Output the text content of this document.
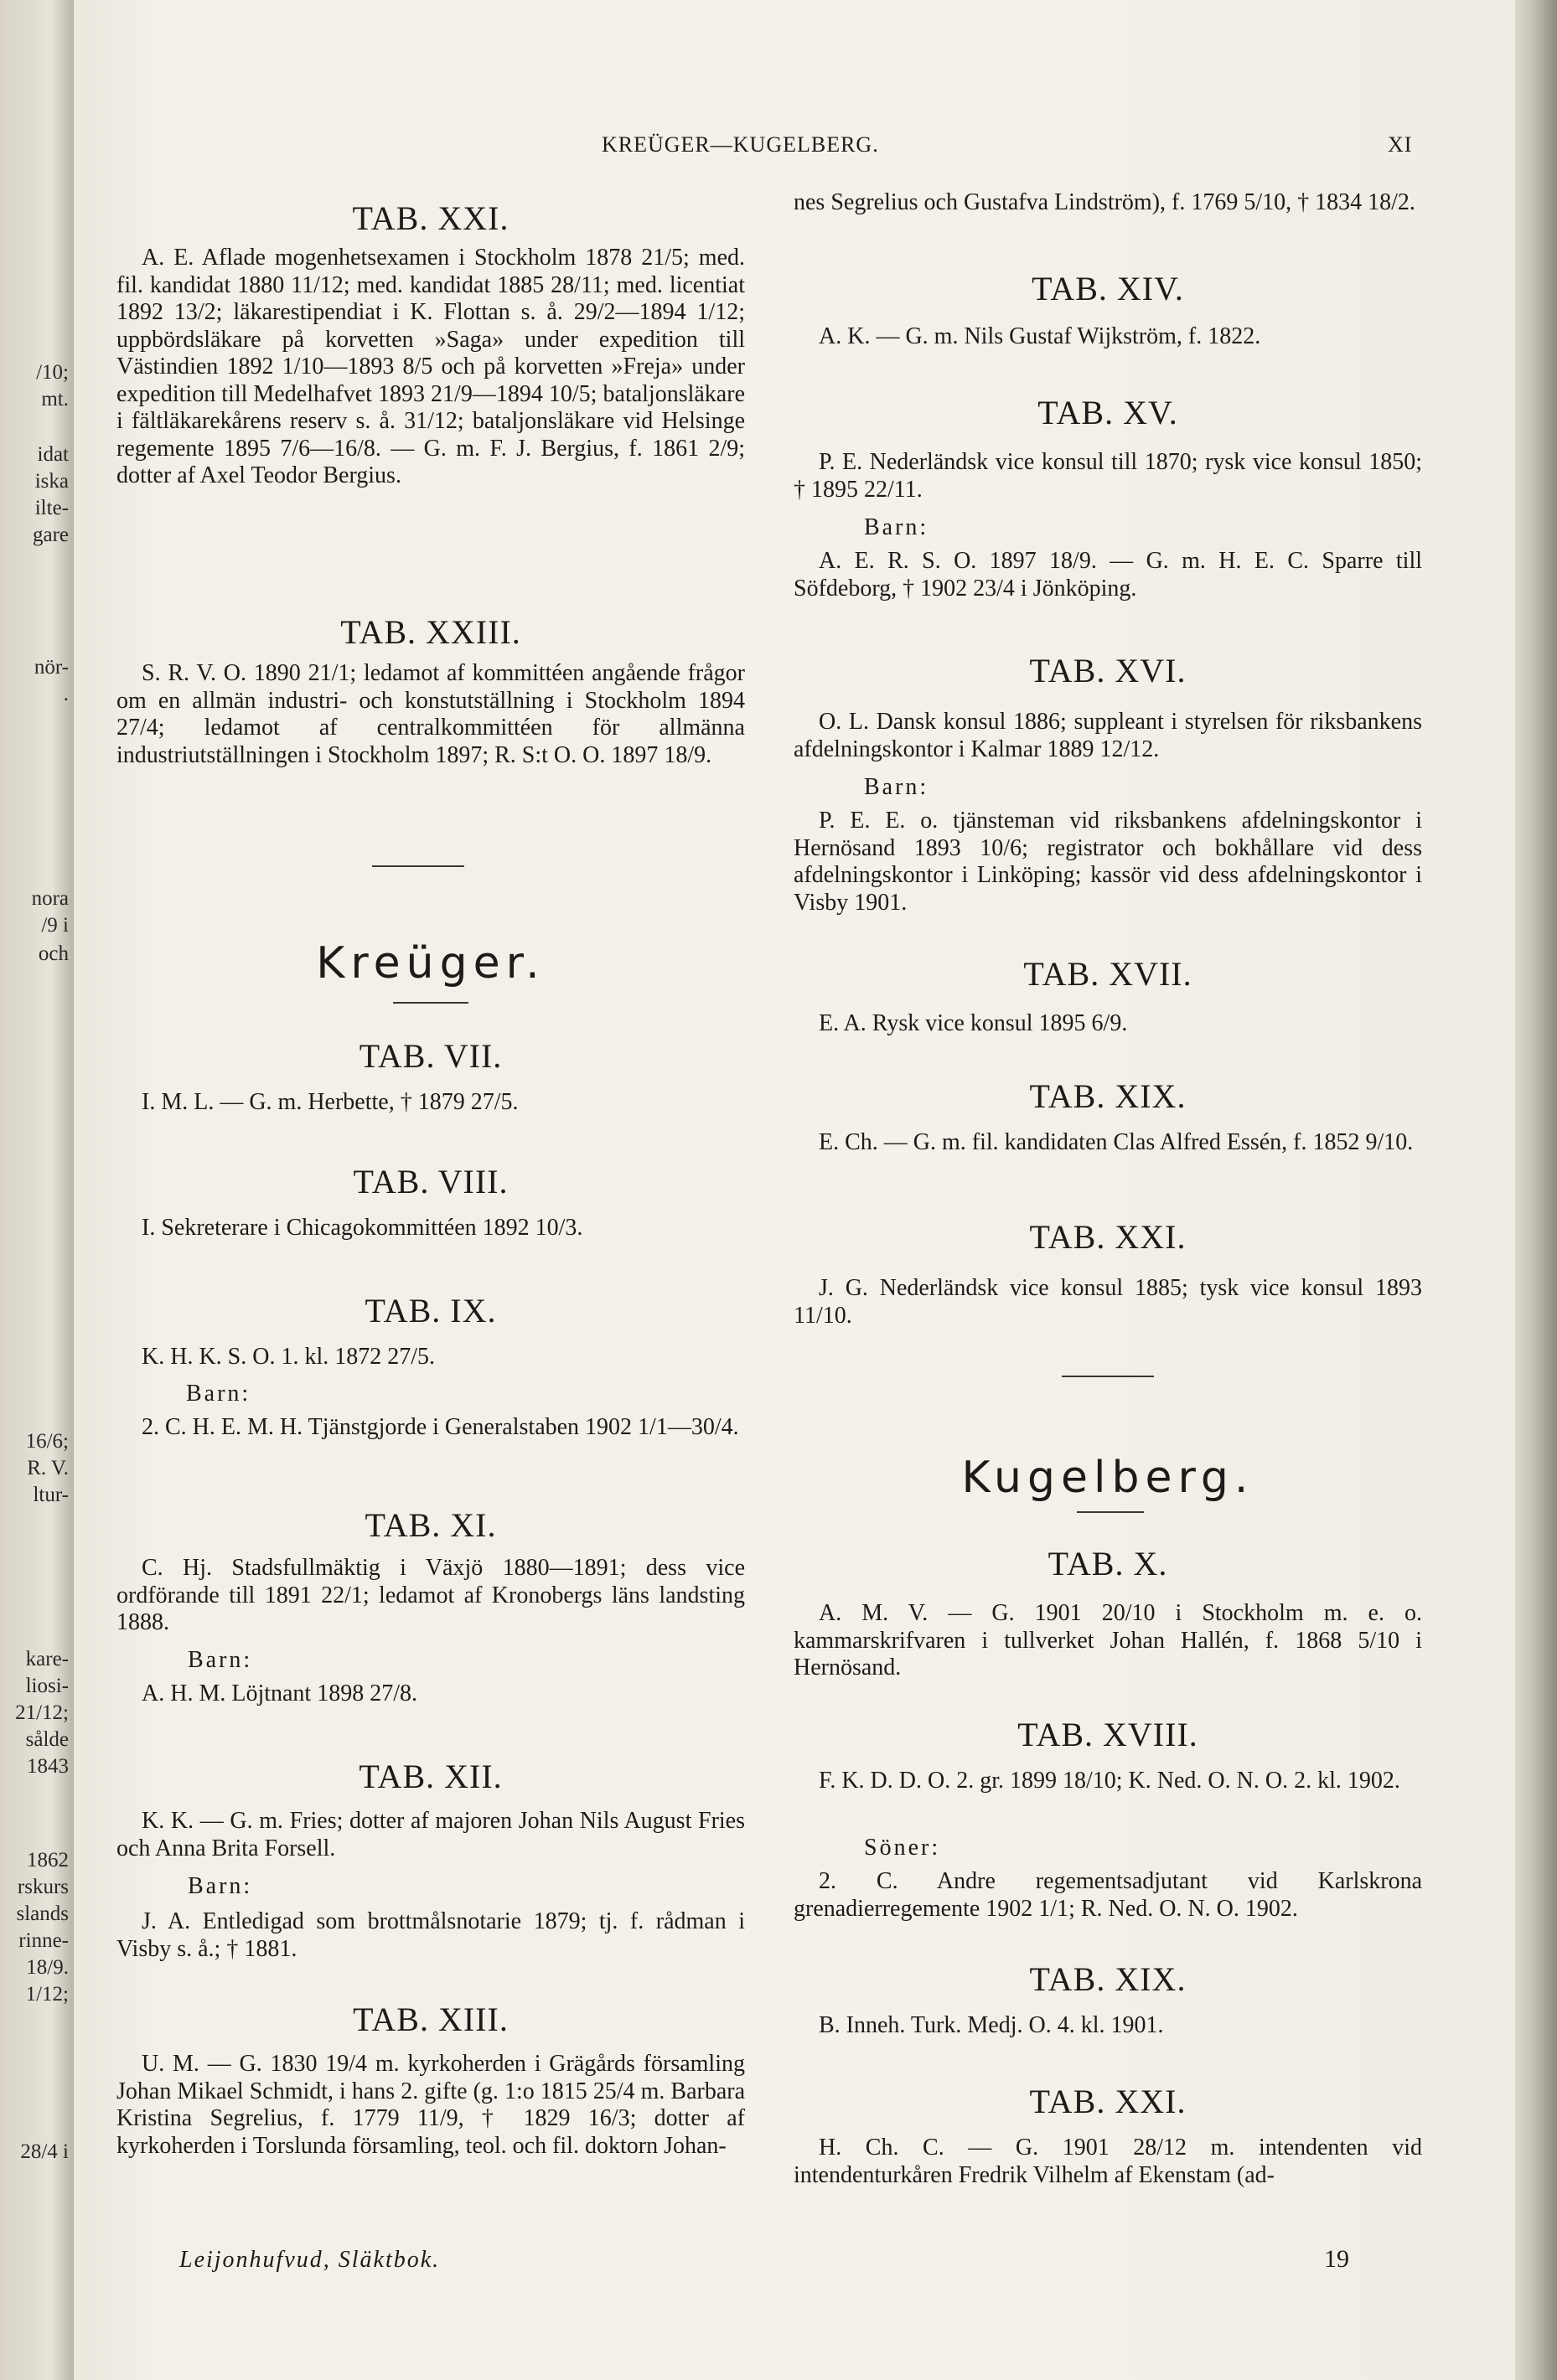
/10;
mt.
idat
iska
ilte-
gare
nör-
.
nora
/9 i
och
16/6;
R. V.
ltur-
kare-
liosi-
21/12;
sålde
1843
1862
rskurs
slands
rinne-
18/9.
1/12;
28/4 i
KREÜGER—KUGELBERG.	XI
TAB. XXI.
A. E. Aflade mogenhetsexamen i Stockholm 1878 21/5; med. fil. kandidat 1880 11/12; med. kandidat 1885 28/11; med. licentiat 1892 13/2; läkarestipendiat i K. Flottan s. å. 29/2—1894 1/12; uppbördsläkare på korvetten »Saga» under expedition till Västindien 1892 1/10—1893 8/5 och på korvetten »Freja» under expedition till Medelhafvet 1893 21/9—1894 10/5; bataljonsläkare i fältläkarekårens reserv s. å. 31/12; bataljonsläkare vid Helsinge regemente 1895 7/6—16/8. — G. m. F. J. Bergius, f. 1861 2/9; dotter af Axel Teodor Bergius.
TAB. XXIII.
S. R. V. O. 1890 21/1; ledamot af kommittéen angående frågor om en allmän industri- och konstutställning i Stockholm 1894 27/4; ledamot af centralkommittéen för allmänna industriutställningen i Stockholm 1897; R. S:t O. O. 1897 18/9.
Kreüger.
TAB. VII.
I. M. L. — G. m. Herbette, † 1879 27/5.
TAB. VIII.
I. Sekreterare i Chicagokommittéen 1892 10/3.
TAB. IX.
K. H. K. S. O. 1. kl. 1872 27/5.
Barn:
2. C. H. E. M. H. Tjänstgjorde i Generalstaben 1902 1/1—30/4.
TAB. XI.
C. Hj. Stadsfullmäktig i Växjö 1880—1891; dess vice ordförande till 1891 22/1; ledamot af Kronobergs läns landsting 1888.
Barn:
A. H. M. Löjtnant 1898 27/8.
TAB. XII.
K. K. — G. m. Fries; dotter af majoren Johan Nils August Fries och Anna Brita Forsell.
Barn:
J. A. Entledigad som brottmålsnotarie 1879; tj. f. rådman i Visby s. å.; † 1881.
TAB. XIII.
U. M. — G. 1830 19/4 m. kyrkoherden i Grägårds församling Johan Mikael Schmidt, i hans 2. gifte (g. 1:o 1815 25/4 m. Barbara Kristina Segrelius, f. 1779 11/9, † 1829 16/3; dotter af kyrkoherden i Torslunda församling, teol. och fil. doktorn Johan-
nes Segrelius och Gustafva Lindström), f. 1769 5/10, † 1834 18/2.
TAB. XIV.
A. K. — G. m. Nils Gustaf Wijkström, f. 1822.
TAB. XV.
P. E. Nederländsk vice konsul till 1870; rysk vice konsul 1850; † 1895 22/11.
Barn:
A. E. R. S. O. 1897 18/9. — G. m. H. E. C. Sparre till Söfdeborg, † 1902 23/4 i Jönköping.
TAB. XVI.
O. L. Dansk konsul 1886; suppleant i styrelsen för riksbankens afdelningskontor i Kalmar 1889 12/12.
Barn:
P. E. E. o. tjänsteman vid riksbankens afdelningskontor i Hernösand 1893 10/6; registrator och bokhållare vid dess afdelningskontor i Linköping; kassör vid dess afdelningskontor i Visby 1901.
TAB. XVII.
E. A. Rysk vice konsul 1895 6/9.
TAB. XIX.
E. Ch. — G. m. fil. kandidaten Clas Alfred Essén, f. 1852 9/10.
TAB. XXI.
J. G. Nederländsk vice konsul 1885; tysk vice konsul 1893 11/10.
Kugelberg.
TAB. X.
A. M. V. — G. 1901 20/10 i Stockholm m. e. o. kammarskrifvaren i tullverket Johan Hallén, f. 1868 5/10 i Hernösand.
TAB. XVIII.
F. K. D. D. O. 2. gr. 1899 18/10; K. Ned. O. N. O. 2. kl. 1902.
Söner:
2. C. Andre regementsadjutant vid Karlskrona grenadierregemente 1902 1/1; R. Ned. O. N. O. 1902.
TAB. XIX.
B. Inneh. Turk. Medj. O. 4. kl. 1901.
TAB. XXI.
H. Ch. C. — G. 1901 28/12 m. intendenten vid intendenturkåren Fredrik Vilhelm af Ekenstam (ad-
Leijonhufvud, Släktbok.	19
